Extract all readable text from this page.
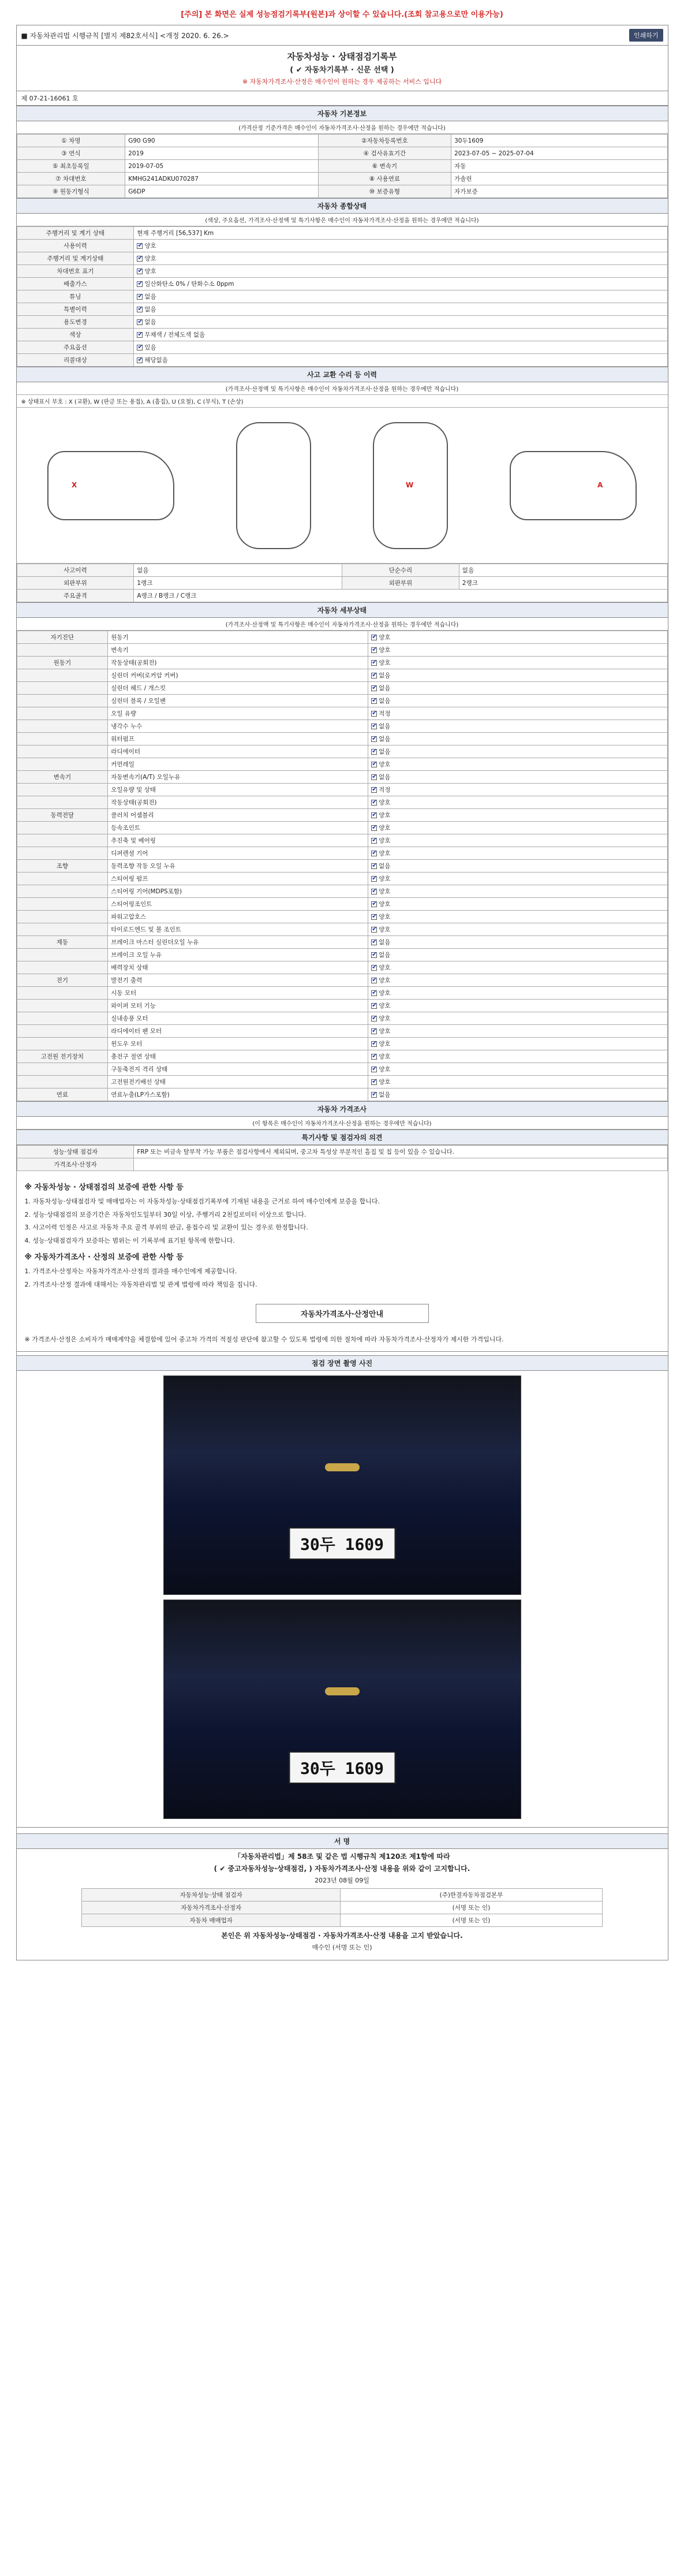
[주의] 본 화면은 실제 성능점검기록부(원본)과 상이할 수 있습니다.(조회 참고용으로만 이용가능)
■ 자동차관리법 시행규칙 [별지 제82호서식] <개정 2020. 6. 26.>	인쇄하기
자동차성능 · 상태점검기록부
( ✔ 자동차기록부 · 신문 선택 )
※ 자동차가격조사·산정은 매수인이 원하는 경우 제공하는 서비스 입니다
제 07-21-16061 호
자동차 기본정보
(가격산정 기준가격은 매수인이 자동차가격조사·산정을 원하는 경우에만 적습니다)
① 차명	G90 G90	②자동차등록번호	30두1609
③ 연식	2019	④ 검사유효기간	2023-07-05 ~ 2025-07-04
⑤ 최초등록일	2019-07-05	⑥ 변속기	자동
⑦ 차대번호	KMHG241ADKU070287	⑧ 사용연료	가솔린
⑨ 원동기형식	G6DP	⑩ 보증유형	자가보증
자동차 종합상태
(색상, 주요옵션, 가격조사·산정액 및 특기사항은 매수인이 자동차가격조사·산정을 원하는 경우에만 적습니다)
주행거리 및 계기 상태	현재 주행거리 [56,537] Km
사용이력	✔양호
주행거리 및 계기상태	✔양호
차대번호 표기	✔양호
배출가스	✔일산화탄소 0% / 탄화수소 0ppm
튜닝	✔없음
특별이력	✔없음
용도변경	✔없음
색상	✔무채색 / 전체도색 없음
주요옵션	✔있음
리콜대상	✔해당없음
사고 교환 수리 등 이력
(가격조사·산정액 및 특기사항은 매수인이 자동차가격조사·산정을 원하는 경우에만 적습니다)
※ 상태표시 부호 : X (교환), W (판금 또는 용접), A (흠집), U (요철), C (부식), T (손상)
X	W	A
사고이력	없음	단순수리	없음
외판부위	1랭크	외판부위	2랭크
주요골격	A랭크 / B랭크 / C랭크		
자동차 세부상태
(가격조사·산정액 및 특기사항은 매수인이 자동차가격조사·산정을 원하는 경우에만 적습니다)
자기진단	원동기	✔양호
	변속기	✔양호
원동기	작동상태(공회전)	✔양호
	실린더 커버(로커암 커버)	✔없음
	실린더 헤드 / 개스킷	✔없음
	실린더 블록 / 오일팬	✔없음
	오일 유량	✔적정
	냉각수 누수	✔없음
	워터펌프	✔없음
	라디에이터	✔없음
	커먼레일	✔양호
변속기	자동변속기(A/T) 오일누유	✔없음
	오일유량 및 상태	✔적정
	작동상태(공회전)	✔양호
동력전달	클러치 어셈블리	✔양호
	등속조인트	✔양호
	추진축 및 베어링	✔양호
	디퍼렌셜 기어	✔양호
조향	동력조향 작동 오일 누유	✔없음
	스티어링 펌프	✔양호
	스티어링 기어(MDPS포함)	✔양호
	스티어링조인트	✔양호
	파워고압호스	✔양호
	타이로드엔드 및 볼 조인트	✔양호
제동	브레이크 마스터 실린더오일 누유	✔없음
	브레이크 오일 누유	✔없음
	배력장치 상태	✔양호
전기	발전기 출력	✔양호
	시동 모터	✔양호
	와이퍼 모터 기능	✔양호
	실내송풍 모터	✔양호
	라디에이터 팬 모터	✔양호
	윈도우 모터	✔양호
고전원 전기장치	충전구 절연 상태	✔양호
	구동축전지 격리 상태	✔양호
	고전원전기배선 상태	✔양호
연료	연료누출(LP가스포함)	✔없음
자동차 가격조사
(이 항목은 매수인이 자동차가격조사·산정을 원하는 경우에만 적습니다)
특기사항 및 점검자의 의견
성능·상태 점검자	FRP 또는 비금속 탈부착 가능 부품은 점검사항에서 제외되며, 중고차 특성상 부분적인 흠집 및 칩 등이 있을 수 있습니다.
가격조사·산정자	
※ 자동차성능 · 상태점검의 보증에 관한 사항 등

1. 자동차성능·상태점검자 및 매매업자는 이 자동차성능·상태점검기록부에 기재된 내용을 근거로 하여 매수인에게 보증을 합니다.

2. 성능·상태점검의 보증기간은 자동차인도일부터 30일 이상, 주행거리 2천킬로미터 이상으로 합니다.

3. 사고이력 인정은 사고로 자동차 주요 골격 부위의 판금, 용접수리 및 교환이 있는 경우로 한정합니다.

4. 성능·상태점검자가 보증하는 범위는 이 기록부에 표기된 항목에 한합니다.

※ 자동차가격조사 · 산정의 보증에 관한 사항 등

1. 가격조사·산정자는 자동차가격조사·산정의 결과를 매수인에게 제공합니다.

2. 가격조사·산정 결과에 대해서는 자동차관리법 및 관계 법령에 따라 책임을 집니다.

자동차가격조사·산정안내
※ 가격조사·산정은 소비자가 매매계약을 체결함에 있어 중고차 가격의 적절성 판단에 참고할 수 있도록 법령에 의한 절차에 따라 자동차가격조사·산정자가 제시한 가격입니다.
점검 장면 촬영 사진
30두 1609
30두 1609
서 명

「자동차관리법」제 58조 및 같은 법 시행규칙 제120조 제1항에 따라

( ✔ 중고자동차성능·상태점검, ) 자동차가격조사·산정 내용을 위와 같이 고지합니다.

2023년 08월 09일

자동차성능·상태 점검자	(주)한결자동차점검본부
자동차가격조사·산정자	(서명 또는 인)
자동차 매매업자	(서명 또는 인)

본인은 위 자동차성능·상태점검 · 자동차가격조사·산정 내용을 고지 받았습니다.

매수인 (서명 또는 인)
